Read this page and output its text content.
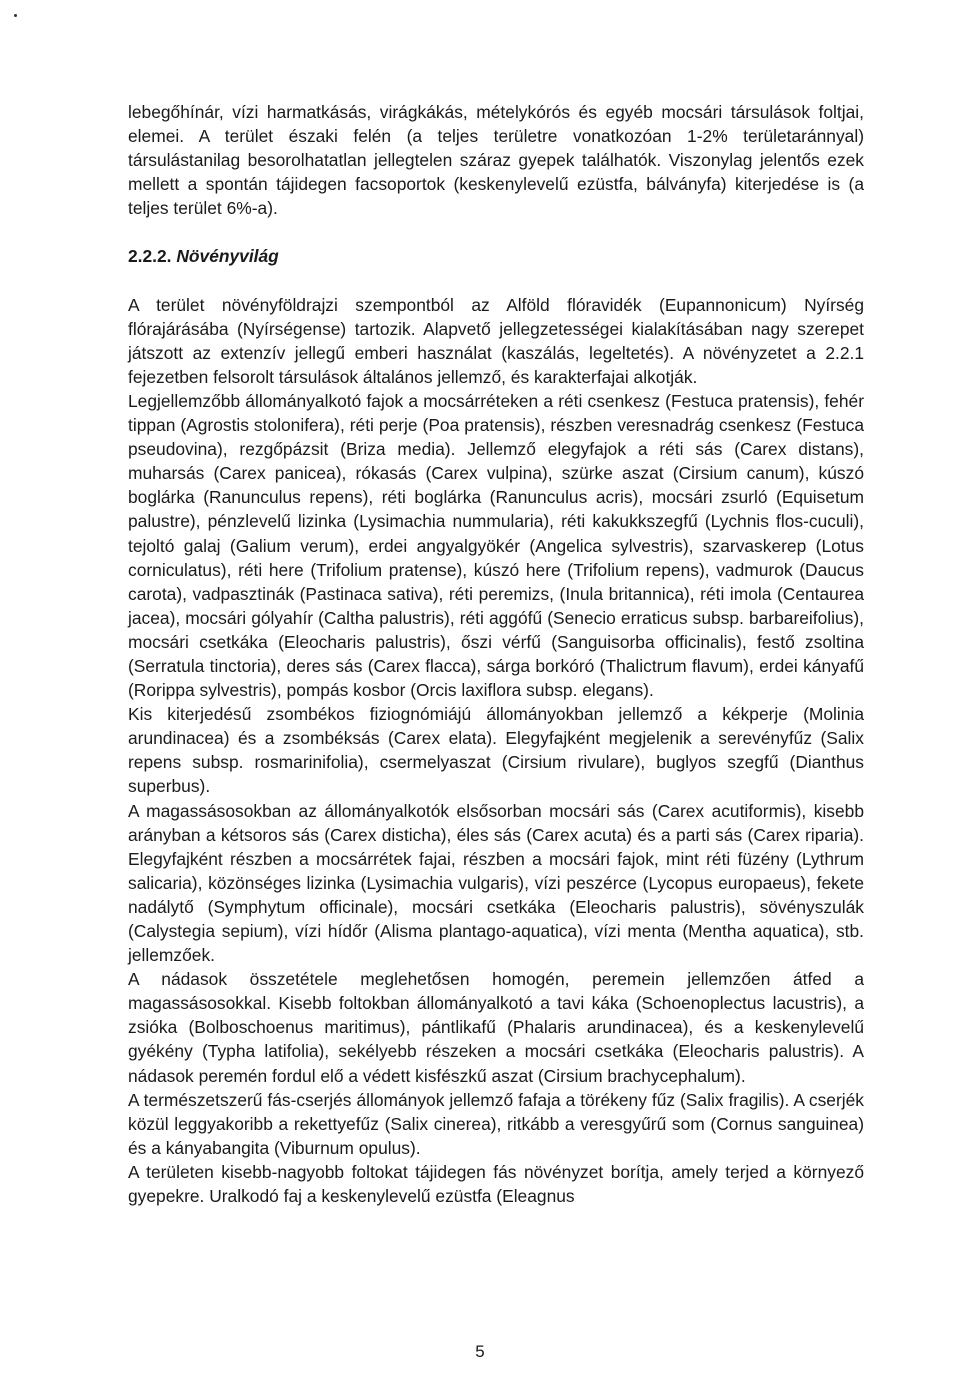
lebegőhínár, vízi harmatkásás, virágkákás, mételykórós és egyéb mocsári társulások foltjai, elemei. A terület északi felén (a teljes területre vonatkozóan 1-2% területaránnyal) társulástanilag besorolhatatlan jellegtelen száraz gyepek találhatók. Viszonylag jelentős ezek mellett a spontán tájidegen facsoportok (keskenylevelű ezüstfa, bálványfa) kiterjedése is (a teljes terület 6%-a).

2.2.2. Növényvilág

A terület növényföldrajzi szempontból az Alföld flóravidék (Eupannonicum) Nyírség flórajárásába (Nyírségense) tartozik. Alapvető jellegzetességei kialakításában nagy szerepet játszott az extenzív jellegű emberi használat (kaszálás, legeltetés). A növényzetet a 2.2.1 fejezetben felsorolt társulások általános jellemző, és karakterfajai alkotják.

Legjellemzőbb állományalkotó fajok a mocsárréteken a réti csenkesz (Festuca pratensis), fehér tippan (Agrostis stolonifera), réti perje (Poa pratensis), részben veresnadrág csenkesz (Festuca pseudovina), rezgőpázsit (Briza media). Jellemző elegyfajok a réti sás (Carex distans), muharsás (Carex panicea), rókasás (Carex vulpina), szürke aszat (Cirsium canum), kúszó boglárka (Ranunculus repens), réti boglárka (Ranunculus acris), mocsári zsurló (Equisetum palustre), pénzlevelű lizinka (Lysimachia nummularia), réti kakukkszegfű (Lychnis flos-cuculi), tejoltó galaj (Galium verum), erdei angyalgyökér (Angelica sylvestris), szarvaskerep (Lotus corniculatus), réti here (Trifolium pratense), kúszó here (Trifolium repens), vadmurok (Daucus carota), vadpasztinák (Pastinaca sativa), réti peremizs, (Inula britannica), réti imola (Centaurea jacea), mocsári gólyahír (Caltha palustris), réti aggófű (Senecio erraticus subsp. barbareifolius), mocsári csetkáka (Eleocharis palustris), őszi vérfű (Sanguisorba officinalis), festő zsoltina (Serratula tinctoria), deres sás (Carex flacca), sárga borkóró (Thalictrum flavum), erdei kányafű (Rorippa sylvestris), pompás kosbor (Orcis laxiflora subsp. elegans).

Kis kiterjedésű zsombékos fiziognómiájú állományokban jellemző a kékperje (Molinia arundinacea) és a zsombéksás (Carex elata). Elegyfajként megjelenik a serevényfűz (Salix repens subsp. rosmarinifolia), csermelyaszat (Cirsium rivulare), buglyos szegfű (Dianthus superbus).

A magassásosokban az állományalkotók elsősorban mocsári sás (Carex acutiformis), kisebb arányban a kétsoros sás (Carex disticha), éles sás (Carex acuta) és a parti sás (Carex riparia). Elegyfajként részben a mocsárrétek fajai, részben a mocsári fajok, mint réti füzény (Lythrum salicaria), közönséges lizinka (Lysimachia vulgaris), vízi peszérce (Lycopus europaeus), fekete nadálytő (Symphytum officinale), mocsári csetkáka (Eleocharis palustris), sövényszulák (Calystegia sepium), vízi hídőr (Alisma plantago-aquatica), vízi menta (Mentha aquatica), stb. jellemzőek.

A nádasok összetétele meglehetősen homogén, peremein jellemzően átfed a magassásosokkal. Kisebb foltokban állományalkotó a tavi káka (Schoenoplectus lacustris), a zsióka (Bolboschoenus maritimus), pántlikafű (Phalaris arundinacea), és a keskenylevelű gyékény (Typha latifolia), sekélyebb részeken a mocsári csetkáka (Eleocharis palustris). A nádasok peremén fordul elő a védett kisfészkű aszat (Cirsium brachycephalum).

A természetszerű fás-cserjés állományok jellemző fafaja a törékeny fűz (Salix fragilis). A cserjék közül leggyakoribb a rekettyefűz (Salix cinerea), ritkább a veresgyűrű som (Cornus sanguinea) és a kányabangita (Viburnum opulus).

A területen kisebb-nagyobb foltokat tájidegen fás növényzet borítja, amely terjed a környező gyepekre. Uralkodó faj a keskenylevelű ezüstfa (Eleagnus

5
